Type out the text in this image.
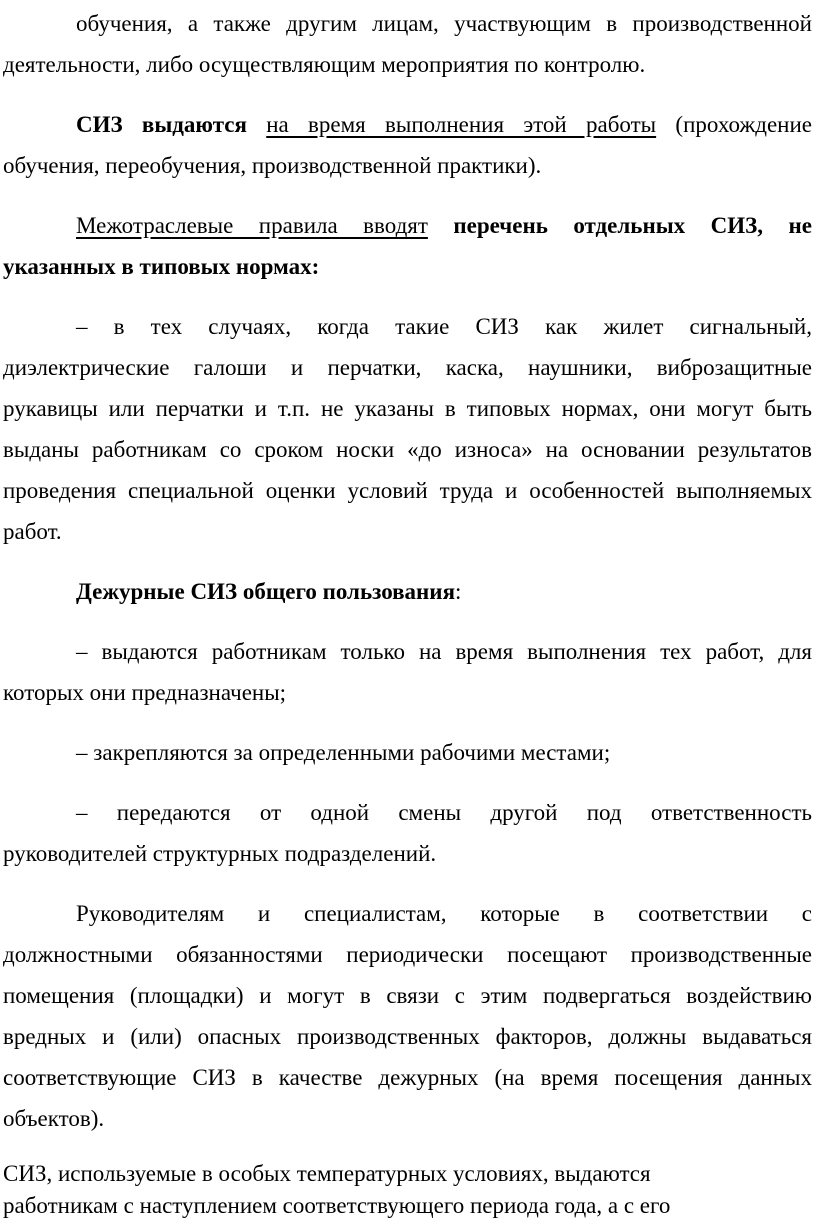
обучения, а также другим лицам, участвующим в производственной
деятельности, либо осуществляющим мероприятия по контролю.
СИЗ выдаются на время выполнения этой работы (прохождение
обучения, переобучения, производственной практики).
Межотраслевые правила вводят перечень отдельных СИЗ, не
указанных в типовых нормах:
– в тех случаях, когда такие СИЗ как жилет сигнальный,
диэлектрические галоши и перчатки, каска, наушники, виброзащитные
рукавицы или перчатки и т.п. не указаны в типовых нормах, они могут быть
выданы работникам со сроком носки «до износа» на основании результатов
проведения специальной оценки условий труда и особенностей выполняемых
работ.
Дежурные СИЗ общего пользования:
– выдаются работникам только на время выполнения тех работ, для
которых они предназначены;
– закрепляются за определенными рабочими местами;
– передаются от одной смены другой под ответственность
руководителей структурных подразделений.
Руководителям и специалистам, которые в соответствии с
должностными обязанностями периодически посещают производственные
помещения (площадки) и могут в связи с этим подвергаться воздействию
вредных и (или) опасных производственных факторов, должны выдаваться
соответствующие СИЗ в качестве дежурных (на время посещения данных
объектов).
СИЗ, используемые в особых температурных условиях, выдаются
работникам с наступлением соответствующего периода года, а с его
